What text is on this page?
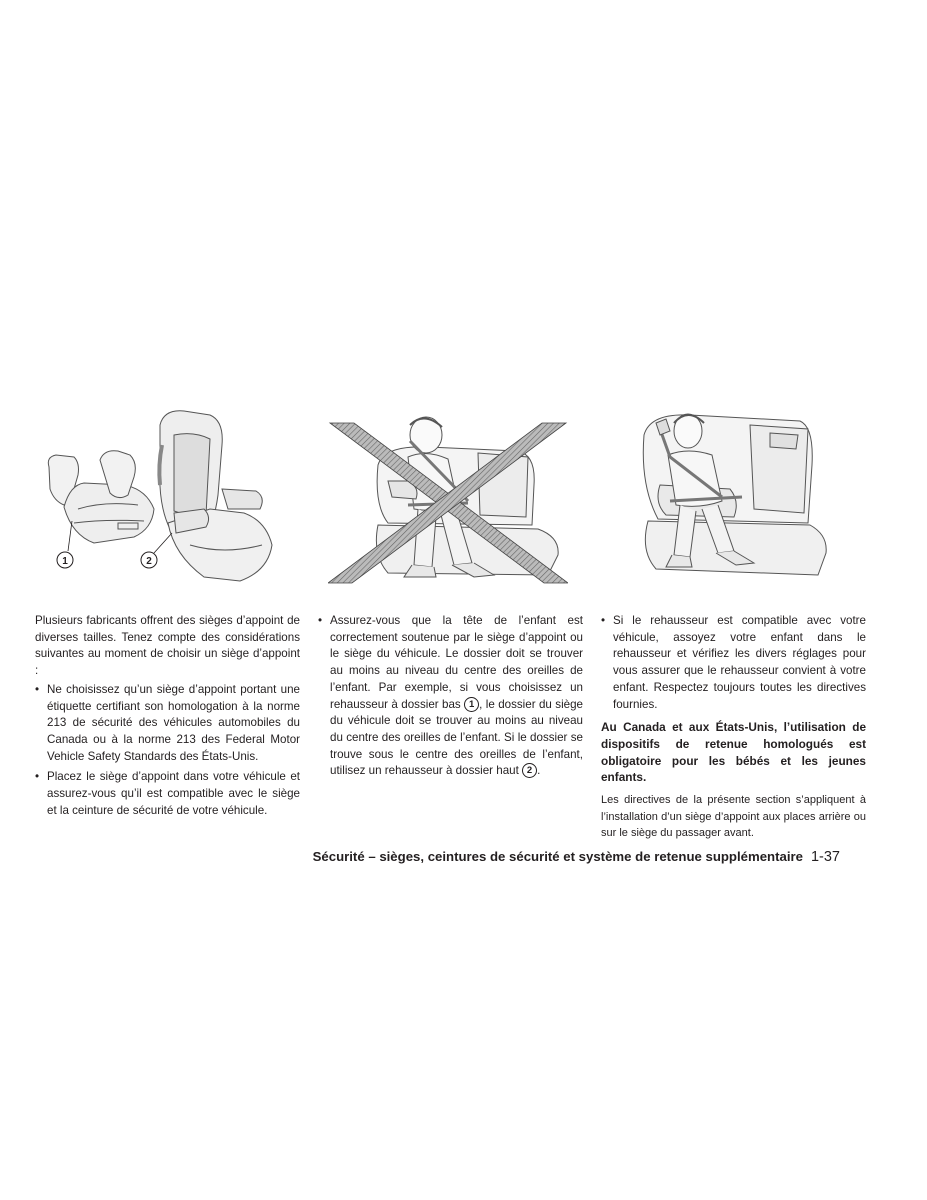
1	2

Plusieurs fabricants offrent des sièges d’appoint de diverses tailles. Tenez compte des considérations suivantes au moment de choisir un siège d’appoint :

• Ne choisissez qu’un siège d’appoint portant une étiquette certifiant son homologation à la norme 213 de sécurité des véhicules automobiles du Canada ou à la norme 213 des Federal Motor Vehicle Safety Standards des États-Unis.

• Placez le siège d’appoint dans votre véhicule et assurez-vous qu’il est compatible avec le siège et la ceinture de sécurité de votre véhicule.

• Assurez-vous que la tête de l’enfant est correctement soutenue par le siège d’appoint ou le siège du véhicule. Le dossier doit se trouver au moins au niveau du centre des oreilles de l’enfant. Par exemple, si vous choisissez un rehausseur à dossier bas 1 , le dossier du siège du véhicule doit se trouver au moins au niveau du centre des oreilles de l’enfant. Si le dossier se trouve sous le centre des oreilles de l’enfant, utilisez un rehausseur à dossier haut 2 .

• Si le rehausseur est compatible avec votre véhicule, assoyez votre enfant dans le rehausseur et vérifiez les divers réglages pour vous assurer que le rehausseur convient à votre enfant. Respectez toujours toutes les directives fournies.

Au Canada et aux États-Unis, l’utilisation de dispositifs de retenue homologués est obligatoire pour les bébés et les jeunes enfants.

Les directives de la présente section s’appliquent à l’installation d’un siège d’appoint aux places arrière ou sur le siège du passager avant.

Sécurité – sièges, ceintures de sécurité et système de retenue supplémentaire 1-37
